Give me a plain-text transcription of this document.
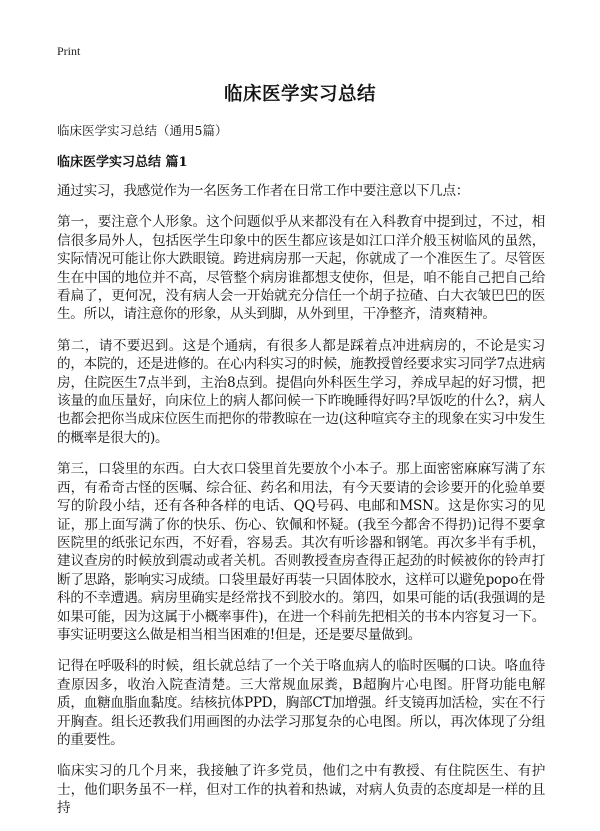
Print
临床医学实习总结
临床医学实习总结（通用5篇）
临床医学实习总结 篇1

通过实习，我感觉作为一名医务工作者在日常工作中要注意以下几点：

第一，要注意个人形象。这个问题似乎从来都没有在入科教育中提到过，不过，相信很多局外人，包括医学生印象中的医生都应该是如江口洋介般玉树临风的虽然，实际情况可能让你大跌眼镜。跨进病房那一天起，你就成了一个准医生了。尽管医生在中国的地位并不高，尽管整个病房谁都想支使你，但是，咱不能自己把自己给看扁了，更何况，没有病人会一开始就充分信任一个胡子拉碴、白大衣皱巴巴的医生。所以，请注意你的形象，从头到脚，从外到里，干净整齐，清爽精神。

第二，请不要迟到。这是个通病，有很多人都是踩着点冲进病房的，不论是实习的，本院的，还是进修的。在心内科实习的时候，施教授曾经要求实习同学7点进病房，住院医生7点半到，主治8点到。提倡向外科医生学习，养成早起的好习惯，把该量的血压量好，向床位上的病人都问候一下昨晚睡得好吗?早饭吃的什么?，病人也都会把你当成床位医生而把你的带教晾在一边(这种喧宾夺主的现象在实习中发生的概率是很大的)。

第三，口袋里的东西。白大衣口袋里首先要放个小本子。那上面密密麻麻写满了东西，有希奇古怪的医嘱、综合征、药名和用法，有今天要请的会诊要开的化验单要写的阶段小结，还有各种各样的电话、QQ号码、电邮和MSN。这是你实习的见证，那上面写满了你的快乐、伤心、钦佩和怀疑。(我至今都舍不得扔)记得不要拿医院里的纸张记东西，不好看，容易丢。其次有听诊器和钢笔。再次多半有手机，建议查房的时候放到震动或者关机。否则教授查房查得正起劲的时候被你的铃声打断了思路，影响实习成绩。口袋里最好再装一只固体胶水，这样可以避免popo在骨科的不幸遭遇。病房里确实是经常找不到胶水的。第四，如果可能的话(我强调的是如果可能，因为这属于小概率事件)，在进一个科前先把相关的书本内容复习一下。事实证明要这么做是相当相当困难的!但是，还是要尽量做到。

记得在呼吸科的时候，组长就总结了一个关于咯血病人的临时医嘱的口诀。咯血待查原因多，收治入院查清楚。三大常规血尿粪，B超胸片心电图。肝肾功能电解质，血糖血脂血黏度。结核抗体PPD，胸部CT加增强。纤支镜再加活检，实在不行开胸查。组长还教我们用画图的办法学习那复杂的心电图。所以，再次体现了分组的重要性。

临床实习的几个月来，我接触了许多党员，他们之中有教授、有住院医生、有护士，他们职务虽不一样，但对工作的执着和热诚，对病人负责的态度却是一样的且持
